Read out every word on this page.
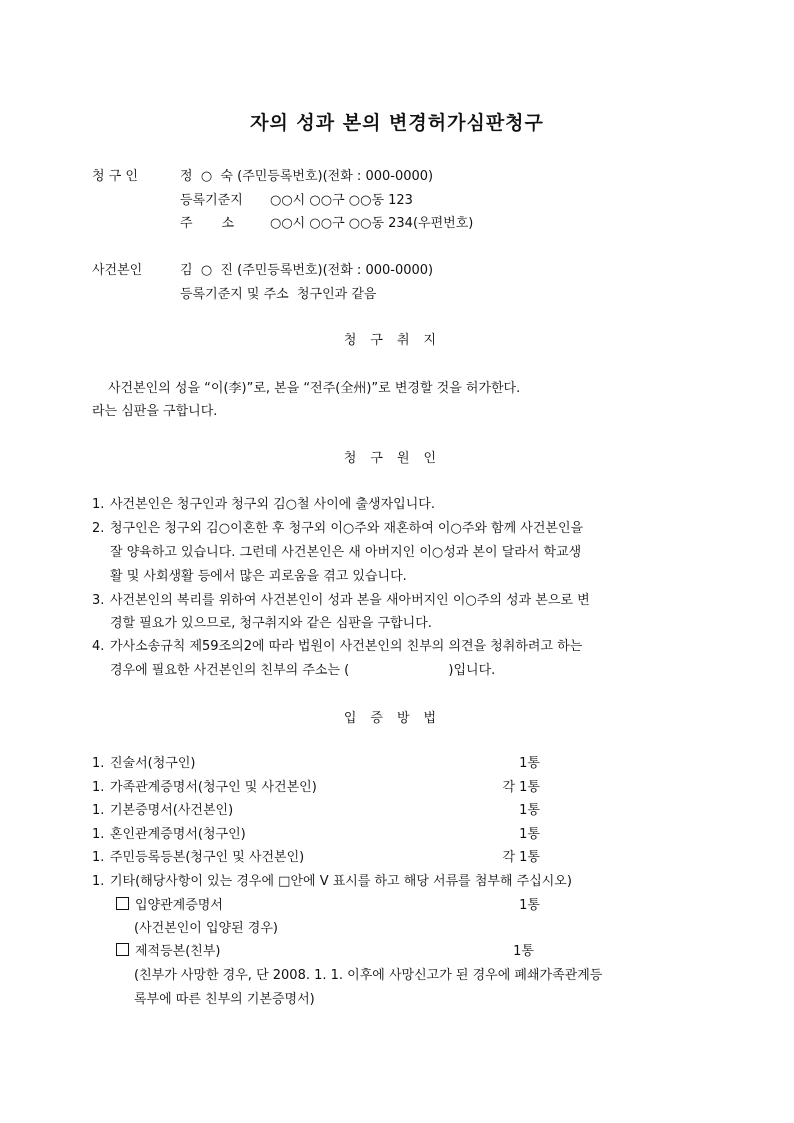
자의 성과 본의 변경허가심판청구
청 구 인	정  ○  숙 (주민등록번호)(전화 : 000-0000)
등록기준지 ○○시 ○○구 ○○동 123
주       소	○○시 ○○구 ○○동 234(우편번호)
사건본인	김  ○  진 (주민등록번호)(전화 : 000-0000)
등록기준지 및 주소  청구인과 같음
청구취지
사건본인의 성을 “이(李)”로, 본을 “전주(全州)”로 변경할 것을 허가한다.
라는 심판을 구합니다.
청구원인
1. 사건본인은 청구인과 청구외 김○철 사이에 출생자입니다.
2. 청구인은 청구외 김○이혼한 후 청구외 이○주와 재혼하여 이○주와 함께 사건본인을
잘 양육하고 있습니다. 그런데 사건본인은 새 아버지인 이○성과 본이 달라서 학교생
활 및 사회생활 등에서 많은 괴로움을 겪고 있습니다.
3. 사건본인의 복리를 위하여 사건본인이 성과 본을 새아버지인 이○주의 성과 본으로 변
경할 필요가 있으므로, 청구취지와 같은 심판을 구합니다.
4. 가사소송규칙 제59조의2에 따라 법원이 사건본인의 친부의 의견을 청취하려고 하는
경우에 필요한 사건본인의 친부의 주소는 (                        )입니다.
입증방법
1. 진술서(청구인)	1통
1. 가족관계증명서(청구인 및 사건본인)	각 1통
1. 기본증명서(사건본인)	1통
1. 혼인관계증명서(청구인)	1통
1. 주민등록등본(청구인 및 사건본인)	각 1통
1. 기타(해당사항이 있는 경우에 □안에 V 표시를 하고 해당 서류를 첨부해 주십시오)
입양관계증명서	1통
(사건본인이 입양된 경우)
제적등본(친부)	1통
(친부가 사망한 경우, 단 2008. 1. 1. 이후에 사망신고가 된 경우에 폐쇄가족관계등
록부에 따른 친부의 기본증명서)
